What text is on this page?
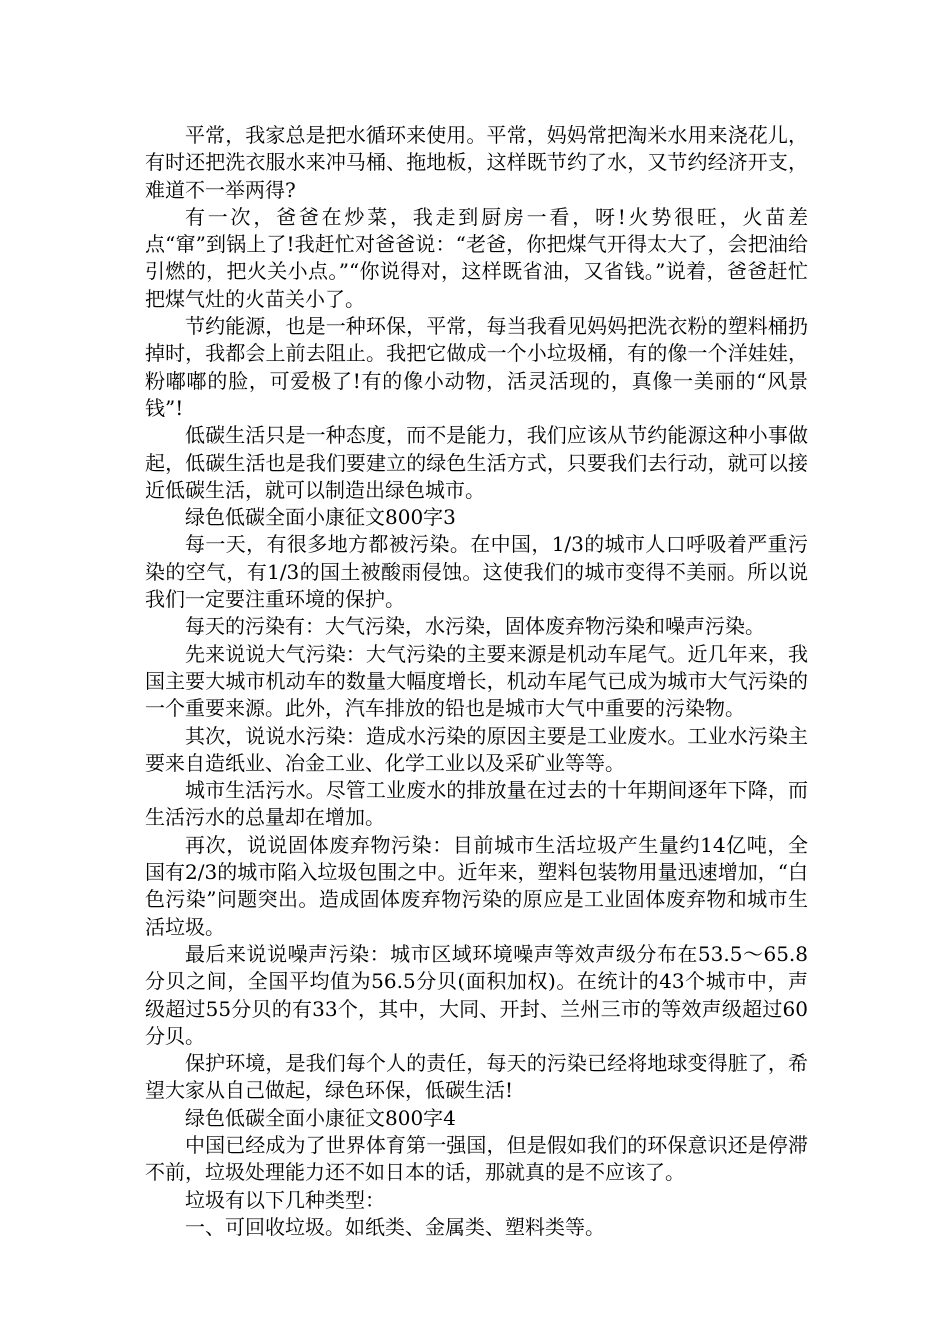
平常，我家总是把水循环来使用。平常，妈妈常把淘米水用来浇花儿，有时还把洗衣服水来冲马桶、拖地板，这样既节约了水，又节约经济开支，难道不一举两得?

有一次，爸爸在炒菜，我走到厨房一看，呀!火势很旺，火苗差点“窜”到锅上了!我赶忙对爸爸说：“老爸，你把煤气开得太大了，会把油给引燃的，把火关小点。”“你说得对，这样既省油，又省钱。”说着，爸爸赶忙把煤气灶的火苗关小了。

节约能源，也是一种环保，平常，每当我看见妈妈把洗衣粉的塑料桶扔掉时，我都会上前去阻止。我把它做成一个小垃圾桶，有的像一个洋娃娃，粉嘟嘟的脸，可爱极了!有的像小动物，活灵活现的，真像一美丽的“风景钱”!

低碳生活只是一种态度，而不是能力，我们应该从节约能源这种小事做起，低碳生活也是我们要建立的绿色生活方式，只要我们去行动，就可以接近低碳生活，就可以制造出绿色城市。

绿色低碳全面小康征文800字3

每一天，有很多地方都被污染。在中国，1/3的城市人口呼吸着严重污染的空气，有1/3的国土被酸雨侵蚀。这使我们的城市变得不美丽。所以说我们一定要注重环境的保护。

每天的污染有：大气污染，水污染，固体废弃物污染和噪声污染。

先来说说大气污染：大气污染的主要来源是机动车尾气。近几年来，我国主要大城市机动车的数量大幅度增长，机动车尾气已成为城市大气污染的一个重要来源。此外，汽车排放的铅也是城市大气中重要的污染物。

其次，说说水污染：造成水污染的原因主要是工业废水。工业水污染主要来自造纸业、冶金工业、化学工业以及采矿业等等。

城市生活污水。尽管工业废水的排放量在过去的十年期间逐年下降，而生活污水的总量却在增加。

再次，说说固体废弃物污染：目前城市生活垃圾产生量约14亿吨，全国有2/3的城市陷入垃圾包围之中。近年来，塑料包装物用量迅速增加，“白色污染”问题突出。造成固体废弃物污染的原应是工业固体废弃物和城市生活垃圾。

最后来说说噪声污染：城市区域环境噪声等效声级分布在53.5～65.8分贝之间，全国平均值为56.5分贝(面积加权)。在统计的43个城市中，声级超过55分贝的有33个，其中，大同、开封、兰州三市的等效声级超过60分贝。

保护环境，是我们每个人的责任，每天的污染已经将地球变得脏了，希望大家从自己做起，绿色环保，低碳生活!

绿色低碳全面小康征文800字4

中国已经成为了世界体育第一强国，但是假如我们的环保意识还是停滞不前，垃圾处理能力还不如日本的话，那就真的是不应该了。

垃圾有以下几种类型：

一、可回收垃圾。如纸类、金属类、塑料类等。
